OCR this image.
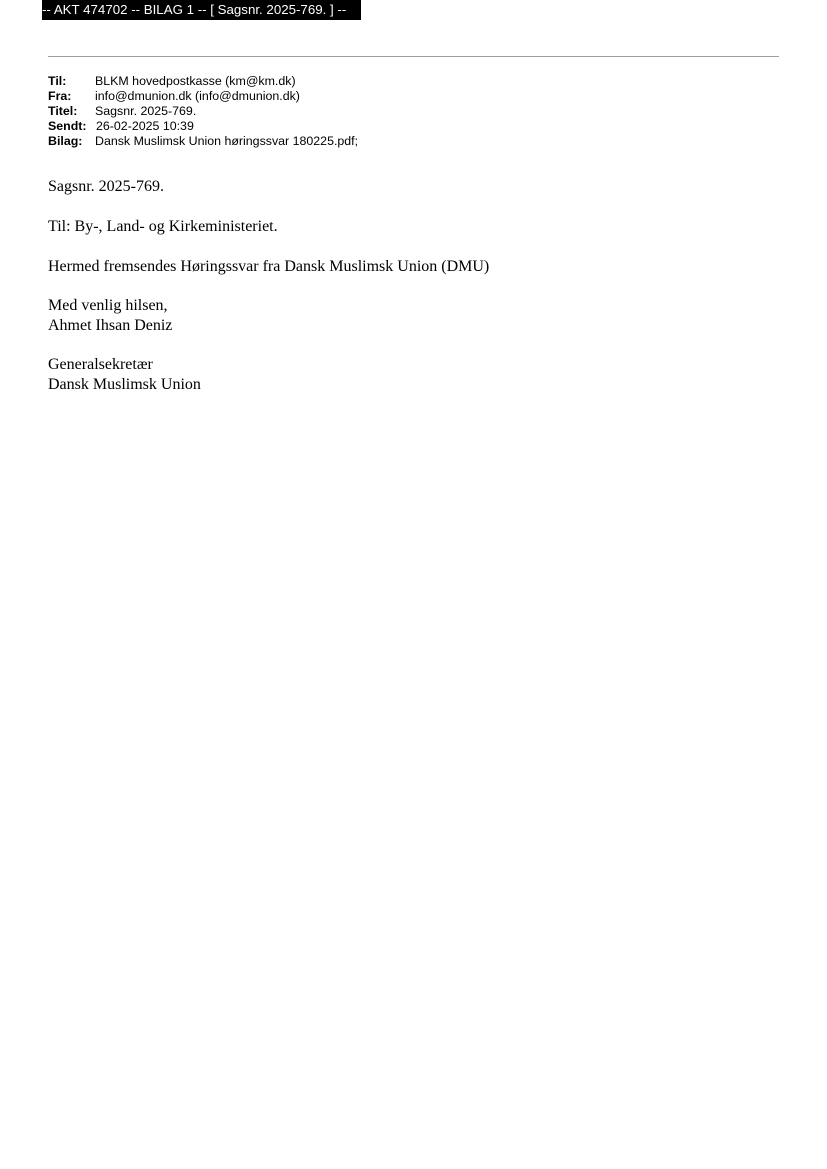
-- AKT 474702 -- BILAG 1 -- [ Sagsnr. 2025-769. ] --
Til: BLKM hovedpostkasse (km@km.dk)
Fra: info@dmunion.dk (info@dmunion.dk)
Titel: Sagsnr. 2025-769.
Sendt: 26-02-2025 10:39
Bilag: Dansk Muslimsk Union høringssvar 180225.pdf;
Sagsnr. 2025-769.
Til: By-, Land- og Kirkeministeriet.
Hermed fremsendes Høringssvar fra Dansk Muslimsk Union (DMU)
Med venlig hilsen,
Ahmet Ihsan Deniz
Generalsekretær
Dansk Muslimsk Union
